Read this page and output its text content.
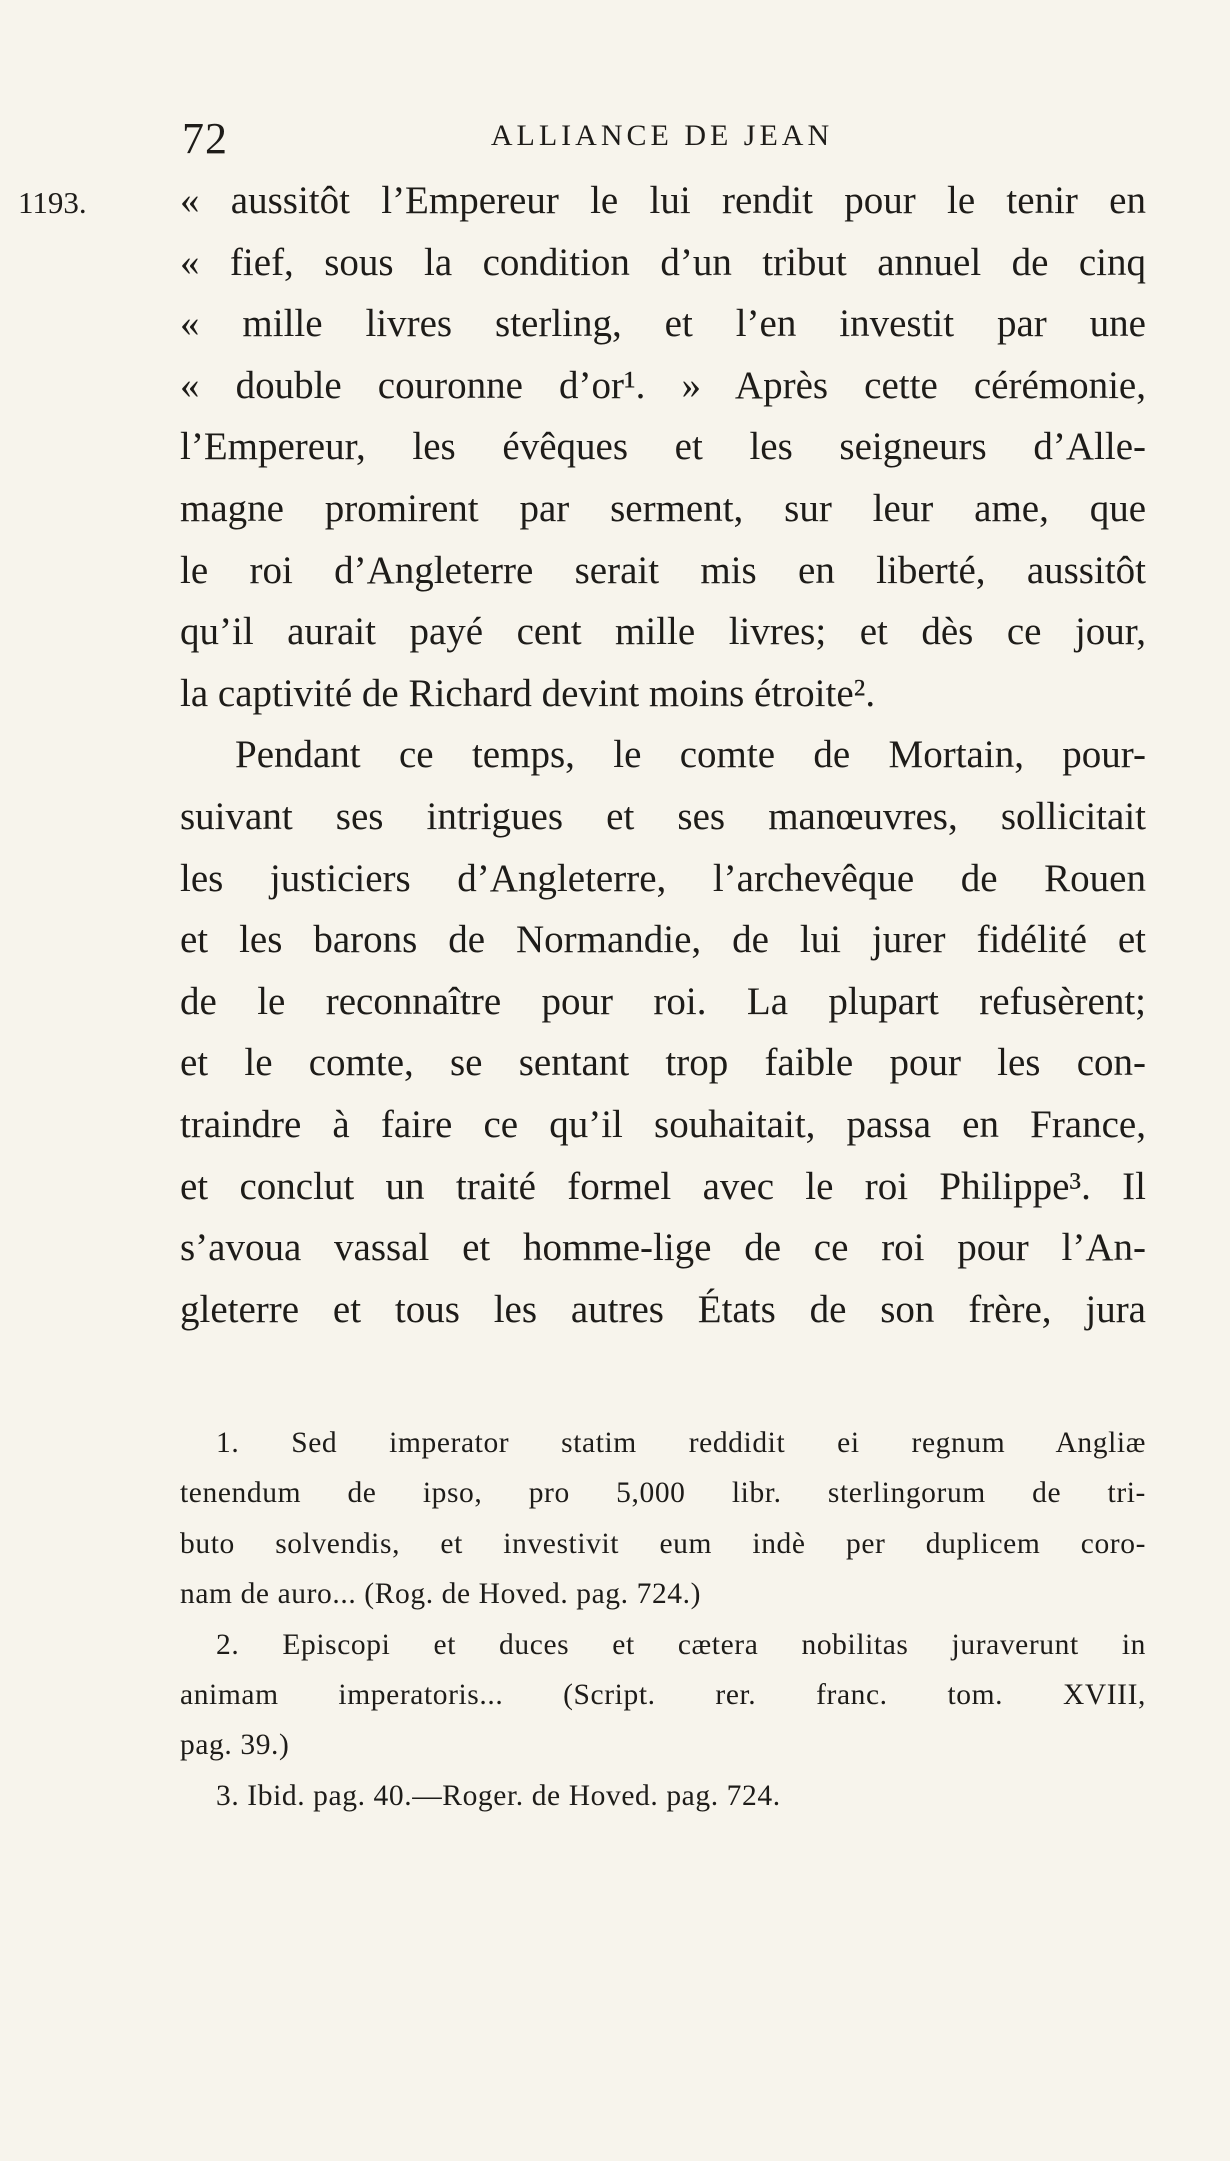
72	ALLIANCE DE JEAN
1193. « aussitôt l’Empereur le lui rendit pour le tenir en
« fief, sous la condition d’un tribut annuel de cinq
« mille livres sterling, et l’en investit par une
« double couronne d’or¹. » Après cette cérémonie,
l’Empereur, les évêques et les seigneurs d’Alle-
magne promirent par serment, sur leur ame, que
le roi d’Angleterre serait mis en liberté, aussitôt
qu’il aurait payé cent mille livres; et dès ce jour,
la captivité de Richard devint moins étroite².
Pendant ce temps, le comte de Mortain, pour-
suivant ses intrigues et ses manœuvres, sollicitait
les justiciers d’Angleterre, l’archevêque de Rouen
et les barons de Normandie, de lui jurer fidélité et
de le reconnaître pour roi. La plupart refusèrent;
et le comte, se sentant trop faible pour les con-
traindre à faire ce qu’il souhaitait, passa en France,
et conclut un traité formel avec le roi Philippe³. Il
s’avoua vassal et homme-lige de ce roi pour l’An-
gleterre et tous les autres États de son frère, jura
1. Sed imperator statim reddidit ei regnum Angliæ
tenendum de ipso, pro 5,000 libr. sterlingorum de tri-
buto solvendis, et investivit eum indè per duplicem coro-
nam de auro... (Rog. de Hoved. pag. 724.)
2. Episcopi et duces et cætera nobilitas juraverunt in
animam imperatoris... (Script. rer. franc. tom. XVIII,
pag. 39.)
3. Ibid. pag. 40.—Roger. de Hoved. pag. 724.
